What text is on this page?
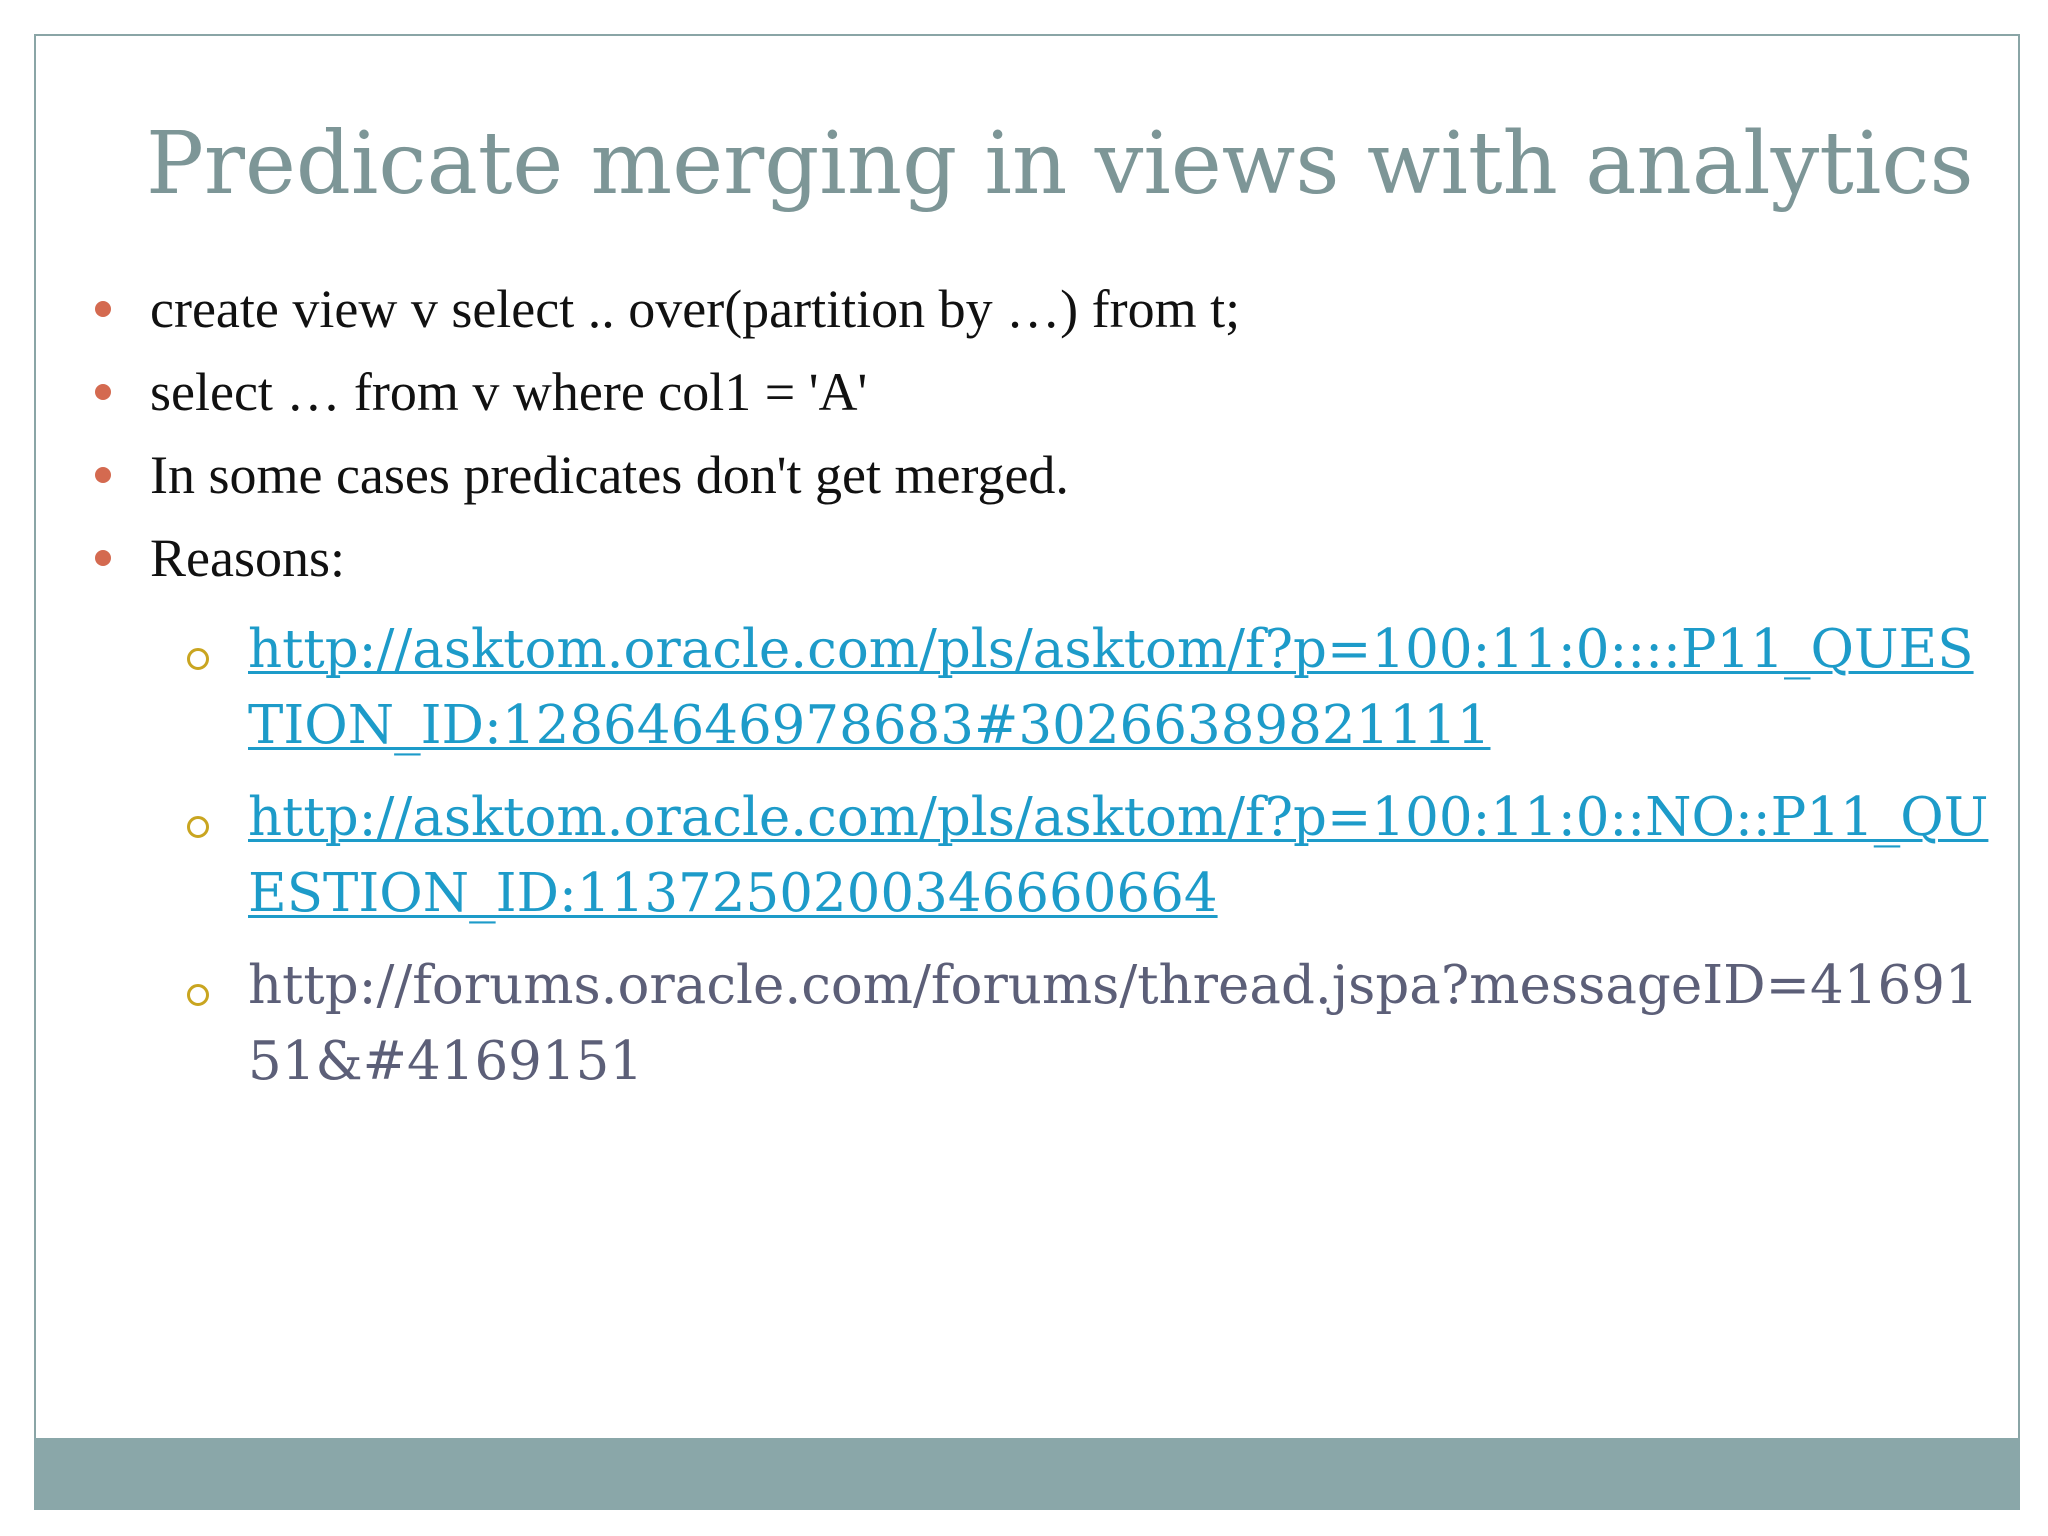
Predicate merging in views with analytics
create view v select .. over(partition by …) from t;
select … from v where col1 = 'A'
In some cases predicates don't get merged.
Reasons:
http://asktom.oracle.com/pls/asktom/f?p=100:11:0::::P11_QUESTION_ID:12864646978683#30266389821111
http://asktom.oracle.com/pls/asktom/f?p=100:11:0::NO::P11_QUESTION_ID:1137250200346660664
http://forums.oracle.com/forums/thread.jspa?messageID=4169151&#4169151
